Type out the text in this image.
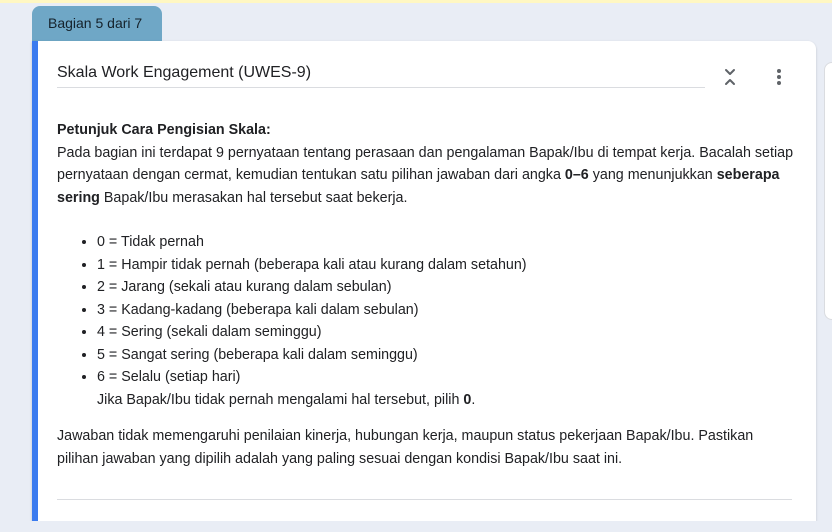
Bagian 5 dari 7
Skala Work Engagement (UWES-9)

Petunjuk Cara Pengisian Skala:

Pada bagian ini terdapat 9 pernyataan tentang perasaan dan pengalaman Bapak/Ibu di tempat kerja. Bacalah setiap pernyataan dengan cermat, kemudian tentukan satu pilihan jawaban dari angka 0–6 yang menunjukkan seberapa sering Bapak/Ibu merasakan hal tersebut saat bekerja.

• 0 = Tidak pernah
• 1 = Hampir tidak pernah (beberapa kali atau kurang dalam setahun)
• 2 = Jarang (sekali atau kurang dalam sebulan)
• 3 = Kadang-kadang (beberapa kali dalam sebulan)
• 4 = Sering (sekali dalam seminggu)
• 5 = Sangat sering (beberapa kali dalam seminggu)
• 6 = Selalu (setiap hari)
Jika Bapak/Ibu tidak pernah mengalami hal tersebut, pilih 0.

Jawaban tidak memengaruhi penilaian kinerja, hubungan kerja, maupun status pekerjaan Bapak/Ibu. Pastikan pilihan jawaban yang dipilih adalah yang paling sesuai dengan kondisi Bapak/Ibu saat ini.
